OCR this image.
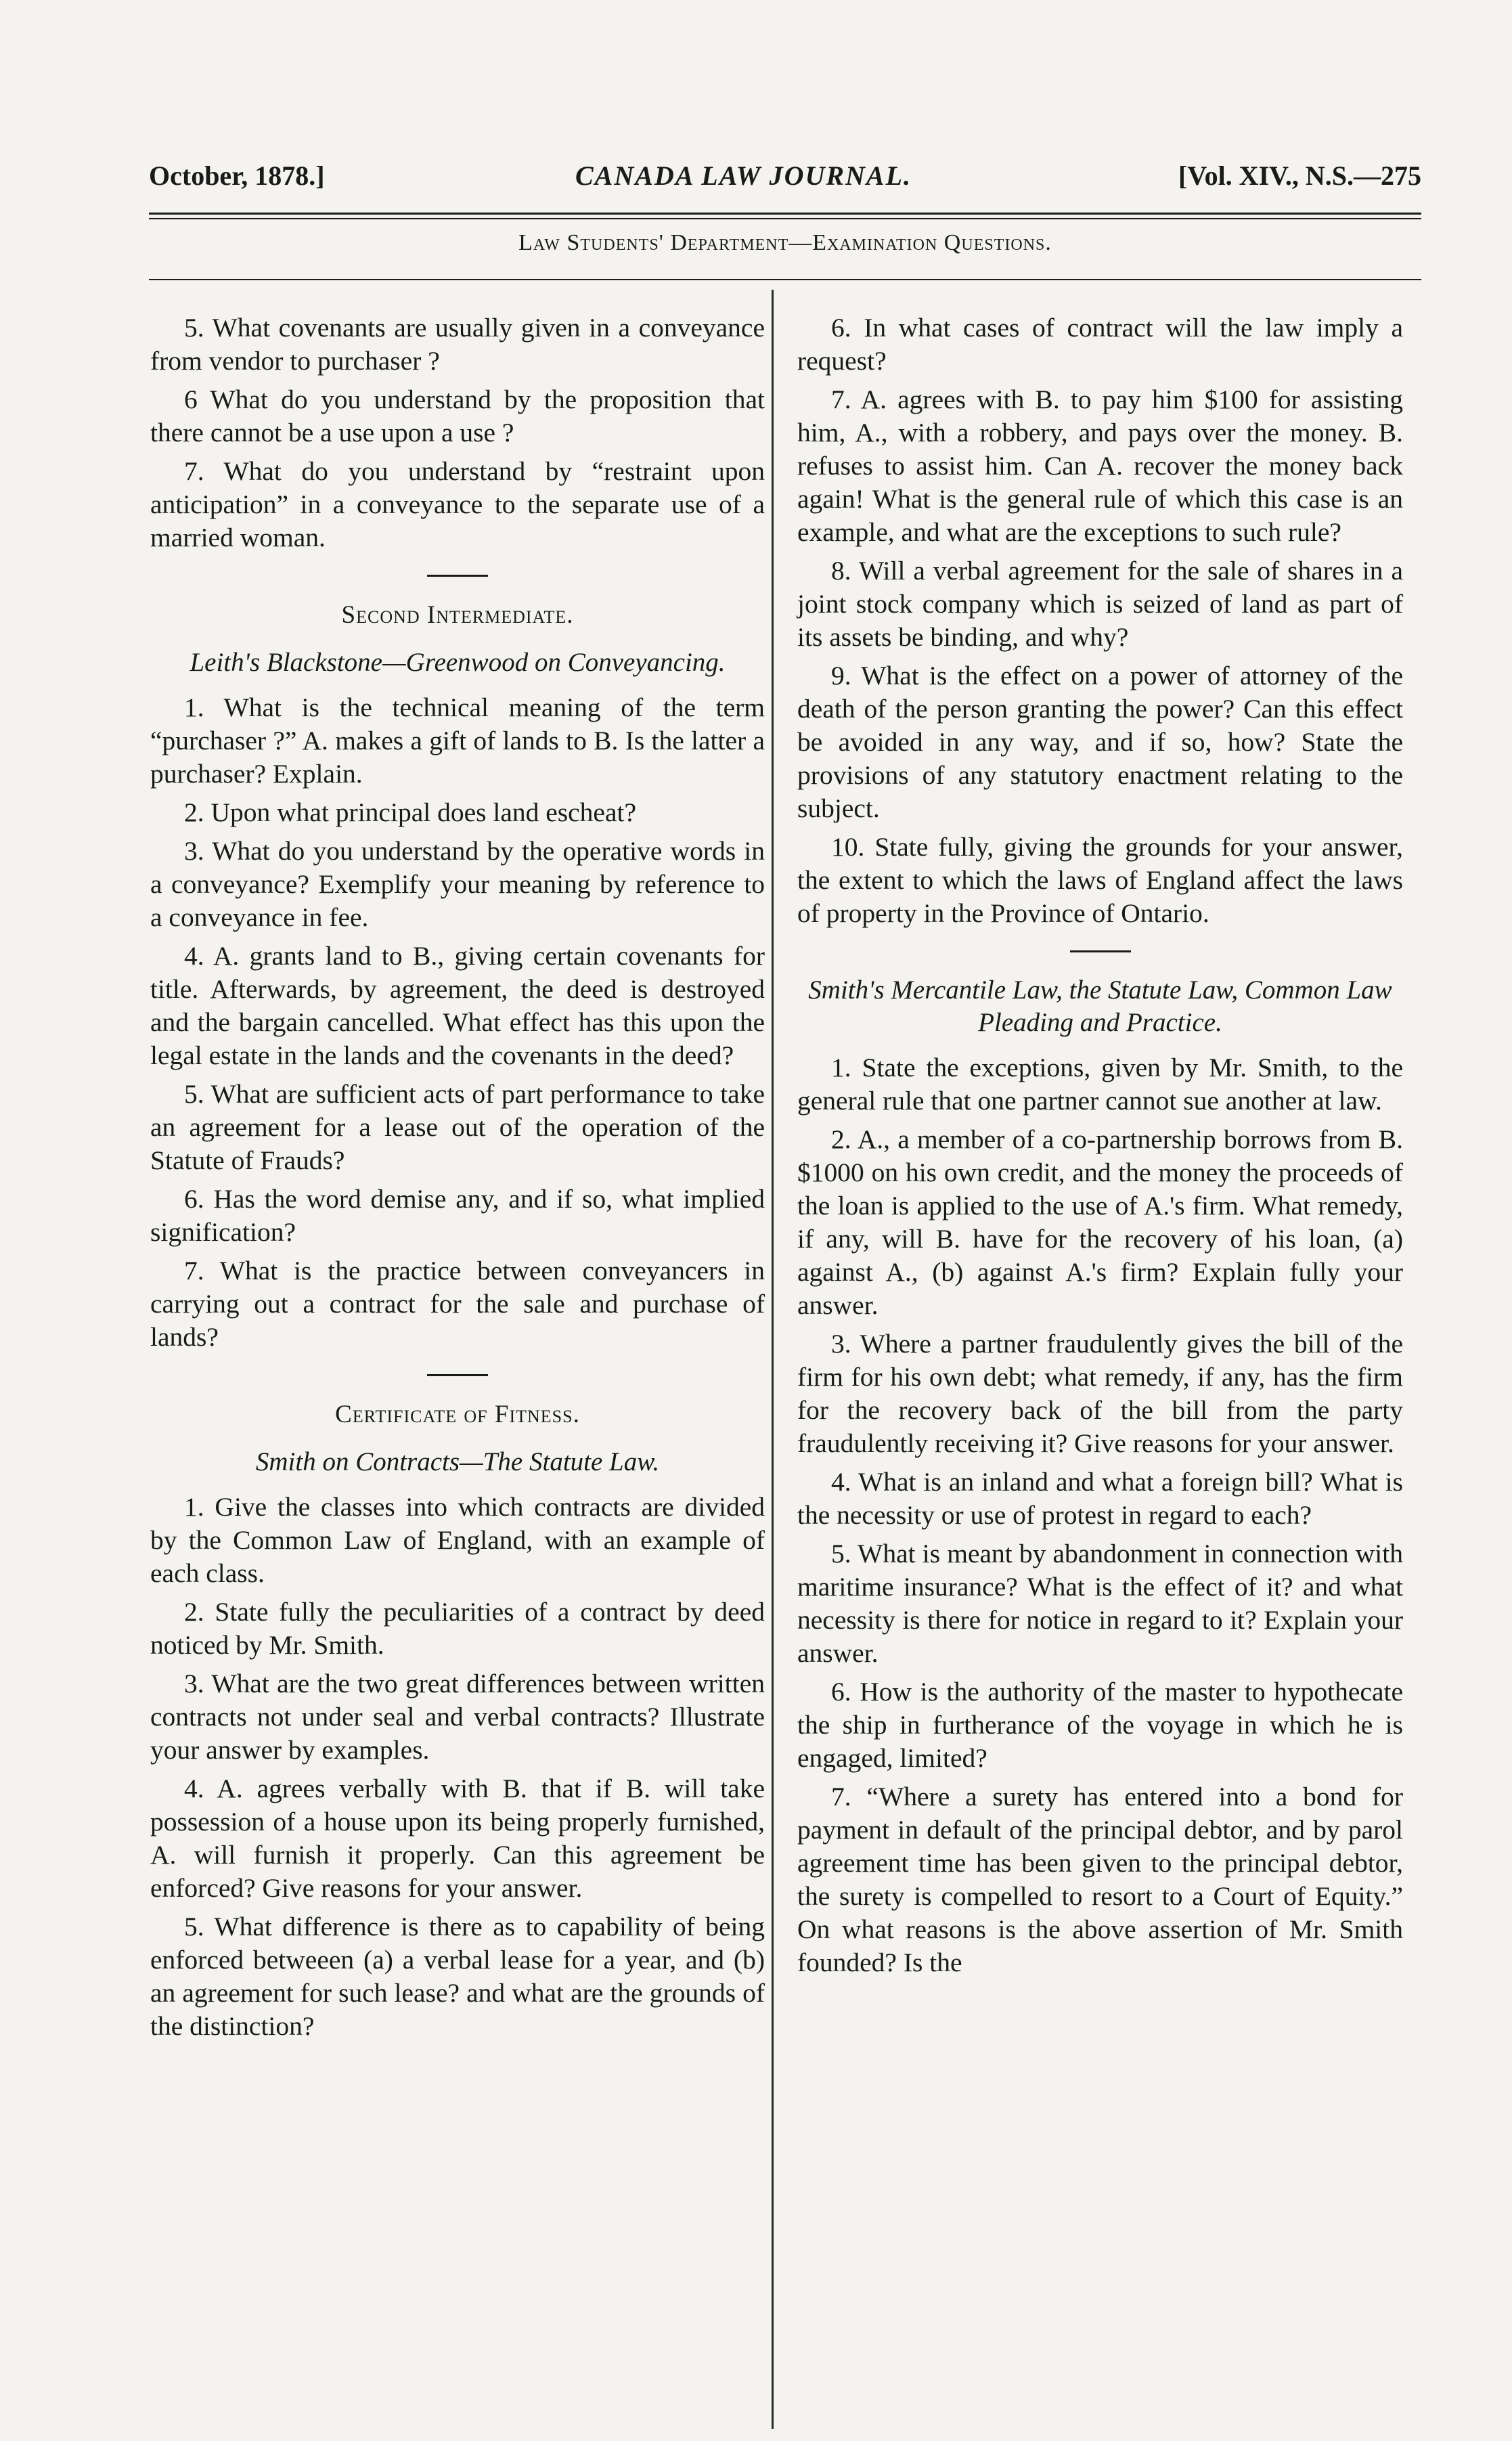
October, 1878.]	CANADA LAW JOURNAL.	[Vol. XIV., N.S.—275
Law Students' Department—Examination Questions.

5. What covenants are usually given in a conveyance from vendor to purchaser ?

6 What do you understand by the proposition that there cannot be a use upon a use ?

7. What do you understand by “restraint upon anticipation” in a conveyance to the separate use of a married woman.

Second Intermediate.
Leith's Blackstone—Greenwood on Conveyancing.

1. What is the technical meaning of the term “purchaser ?” A. makes a gift of lands to B. Is the latter a purchaser? Explain.

2. Upon what principal does land escheat?

3. What do you understand by the operative words in a conveyance? Exemplify your meaning by reference to a conveyance in fee.

4. A. grants land to B., giving certain covenants for title. Afterwards, by agreement, the deed is destroyed and the bargain cancelled. What effect has this upon the legal estate in the lands and the covenants in the deed?

5. What are sufficient acts of part performance to take an agreement for a lease out of the operation of the Statute of Frauds?

6. Has the word demise any, and if so, what implied signification?

7. What is the practice between conveyancers in carrying out a contract for the sale and purchase of lands?

Certificate of Fitness.
Smith on Contracts—The Statute Law.

1. Give the classes into which contracts are divided by the Common Law of England, with an example of each class.

2. State fully the peculiarities of a contract by deed noticed by Mr. Smith.

3. What are the two great differences between written contracts not under seal and verbal contracts? Illustrate your answer by examples.

4. A. agrees verbally with B. that if B. will take possession of a house upon its being properly furnished, A. will furnish it properly. Can this agreement be enforced? Give reasons for your answer.

5. What difference is there as to capability of being enforced betweeen (a) a verbal lease for a year, and (b) an agreement for such lease? and what are the grounds of the distinction?

6. In what cases of contract will the law imply a request?

7. A. agrees with B. to pay him $100 for assisting him, A., with a robbery, and pays over the money. B. refuses to assist him. Can A. recover the money back again! What is the general rule of which this case is an example, and what are the exceptions to such rule?

8. Will a verbal agreement for the sale of shares in a joint stock company which is seized of land as part of its assets be binding, and why?

9. What is the effect on a power of attorney of the death of the person granting the power? Can this effect be avoided in any way, and if so, how? State the provisions of any statutory enactment relating to the subject.

10. State fully, giving the grounds for your answer, the extent to which the laws of England affect the laws of property in the Province of Ontario.

Smith's Mercantile Law, the Statute Law, Common Law Pleading and Practice.

1. State the exceptions, given by Mr. Smith, to the general rule that one partner cannot sue another at law.

2. A., a member of a co-partnership borrows from B. $1000 on his own credit, and the money the proceeds of the loan is applied to the use of A.'s firm. What remedy, if any, will B. have for the recovery of his loan, (a) against A., (b) against A.'s firm? Explain fully your answer.

3. Where a partner fraudulently gives the bill of the firm for his own debt; what remedy, if any, has the firm for the recovery back of the bill from the party fraudulently receiving it? Give reasons for your answer.

4. What is an inland and what a foreign bill? What is the necessity or use of protest in regard to each?

5. What is meant by abandonment in connection with maritime insurance? What is the effect of it? and what necessity is there for notice in regard to it? Explain your answer.

6. How is the authority of the master to hypothecate the ship in furtherance of the voyage in which he is engaged, limited?

7. “Where a surety has entered into a bond for payment in default of the principal debtor, and by parol agreement time has been given to the principal debtor, the surety is compelled to resort to a Court of Equity.” On what reasons is the above assertion of Mr. Smith founded? Is the
